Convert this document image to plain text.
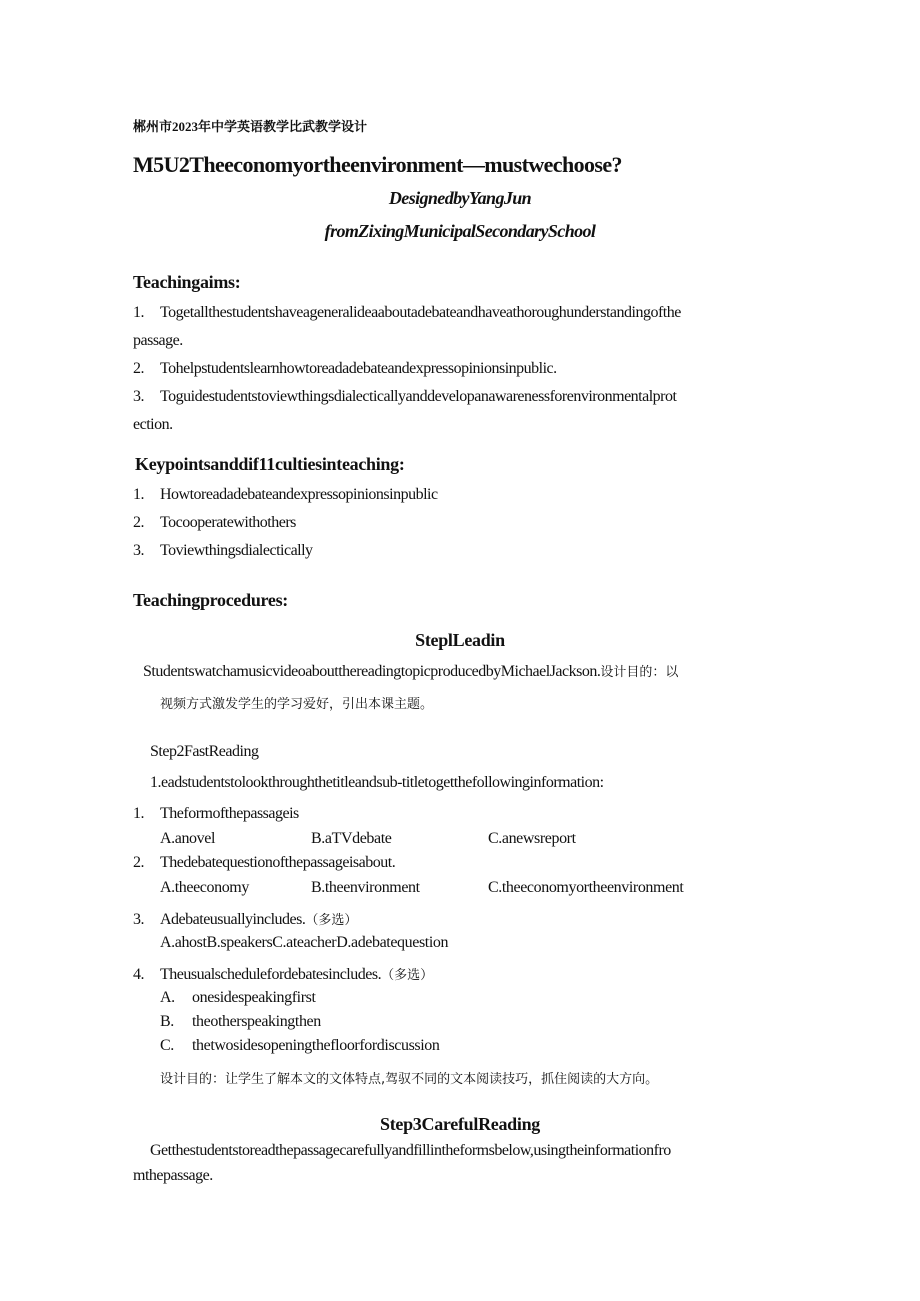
郴州市2023年中学英语教学比武教学设计
M5U2Theeconomyortheenvironment—mustwechoose?
DesignedbyYangJun
fromZixingMunicipalSecondarySchool
Teachingaims:
1. Togetallthestudentshaveageneralideaaboutadebateandhaveathoroughunderstandingofthe
passage.
2. Tohelpstudentslearnhowtoreadadebateandexpressopinionsinpublic.
3. Toguidestudentstoviewthingsdialecticallyanddevelopanawarenessforenvironmentalprot
ection.
Keypointsanddif11cultiesinteaching:
1. Howtoreadadebateandexpressopinionsinpublic
2. Tocooperatewithothers
3. Toviewthingsdialectically
Teachingprocedures:
SteplLeadin
StudentswatchamusicvideoaboutthereadingtopicproducedbyMichaelJackson.设计目的：以
视频方式激发学生的学习爱好，引出本课主题。
Step2FastReading
1.eadstudentstolookthroughthetitleandsub-titletogetthefollowinginformation:
1. Theformofthepassageis
A.anovel	B.aTVdebate	C.anewsreport
2. Thedebatequestionofthepassageisabout.
A.theeconomy	B.theenvironment	C.theeconomyortheenvironment
3. Adebateusuallyincludes.（多选）
A.ahostB.speakersC.ateacherD.adebatequestion
4. Theusualschedulefordebatesincludes.（多选）
A. onesidespeakingfirst
B. theotherspeakingthen
C. thetwosidesopeningthefloorfordiscussion
设计目的：让学生了解本文的文体特点,驾驭不同的文本阅读技巧，抓住阅读的大方向。
Step3CarefulReading
Getthestudentstoreadthepassagecarefullyandfillintheformsbelow,usingtheinformationfro
mthepassage.
